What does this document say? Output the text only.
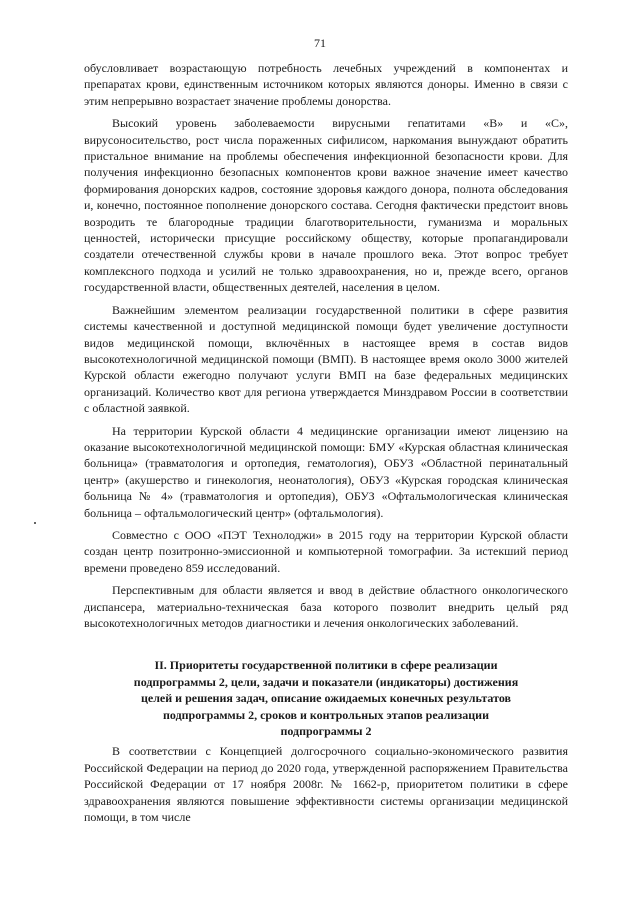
71

обусловливает возрастающую потребность лечебных учреждений в компонентах и препаратах крови, единственным источником которых являются доноры. Именно в связи с этим непрерывно возрастает значение проблемы донорства.

Высокий уровень заболеваемости вирусными гепатитами «В» и «С», вирусоносительство, рост числа пораженных сифилисом, наркомания вынуждают обратить пристальное внимание на проблемы обеспечения инфекционной безопасности крови. Для получения инфекционно безопасных компонентов крови важное значение имеет качество формирования донорских кадров, состояние здоровья каждого донора, полнота обследования и, конечно, постоянное пополнение донорского состава. Сегодня фактически предстоит вновь возродить те благородные традиции благотворительности, гуманизма и моральных ценностей, исторически присущие российскому обществу, которые пропагандировали создатели отечественной службы крови в начале прошлого века. Этот вопрос требует комплексного подхода и усилий не только здравоохранения, но и, прежде всего, органов государственной власти, общественных деятелей, населения в целом.

Важнейшим элементом реализации государственной политики в сфере развития системы качественной и доступной медицинской помощи будет увеличение доступности видов медицинской помощи, включённых в настоящее время в состав видов высокотехнологичной медицинской помощи (ВМП). В настоящее время около 3000 жителей Курской области ежегодно получают услуги ВМП на базе федеральных медицинских организаций. Количество квот для региона утверждается Минздравом России в соответствии с областной заявкой.

На территории Курской области 4 медицинские организации имеют лицензию на оказание высокотехнологичной медицинской помощи: БМУ «Курская областная клиническая больница» (травматология и ортопедия, гематология), ОБУЗ «Областной перинатальный центр» (акушерство и гинекология, неонатология), ОБУЗ «Курская городская клиническая больница № 4» (травматология и ортопедия), ОБУЗ «Офтальмологическая клиническая больница – офтальмологический центр» (офтальмология).

Совместно с ООО «ПЭТ Технолоджи» в 2015 году на территории Курской области создан центр позитронно-эмиссионной и компьютерной томографии. За истекший период времени проведено 859 исследований.

Перспективным для области является и ввод в действие областного онкологического диспансера, материально-техническая база которого позволит внедрить целый ряд высокотехнологичных методов диагностики и лечения онкологических заболеваний.

II. Приоритеты государственной политики в сфере реализации
подпрограммы 2, цели, задачи и показатели (индикаторы) достижения
целей и решения задач, описание ожидаемых конечных результатов
подпрограммы 2, сроков и контрольных этапов реализации
подпрограммы 2

В соответствии с Концепцией долгосрочного социально-экономического развития Российской Федерации на период до 2020 года, утвержденной распоряжением Правительства Российской Федерации от 17 ноября 2008г. № 1662-р, приоритетом политики в сфере здравоохранения являются повышение эффективности системы организации медицинской помощи, в том числе
